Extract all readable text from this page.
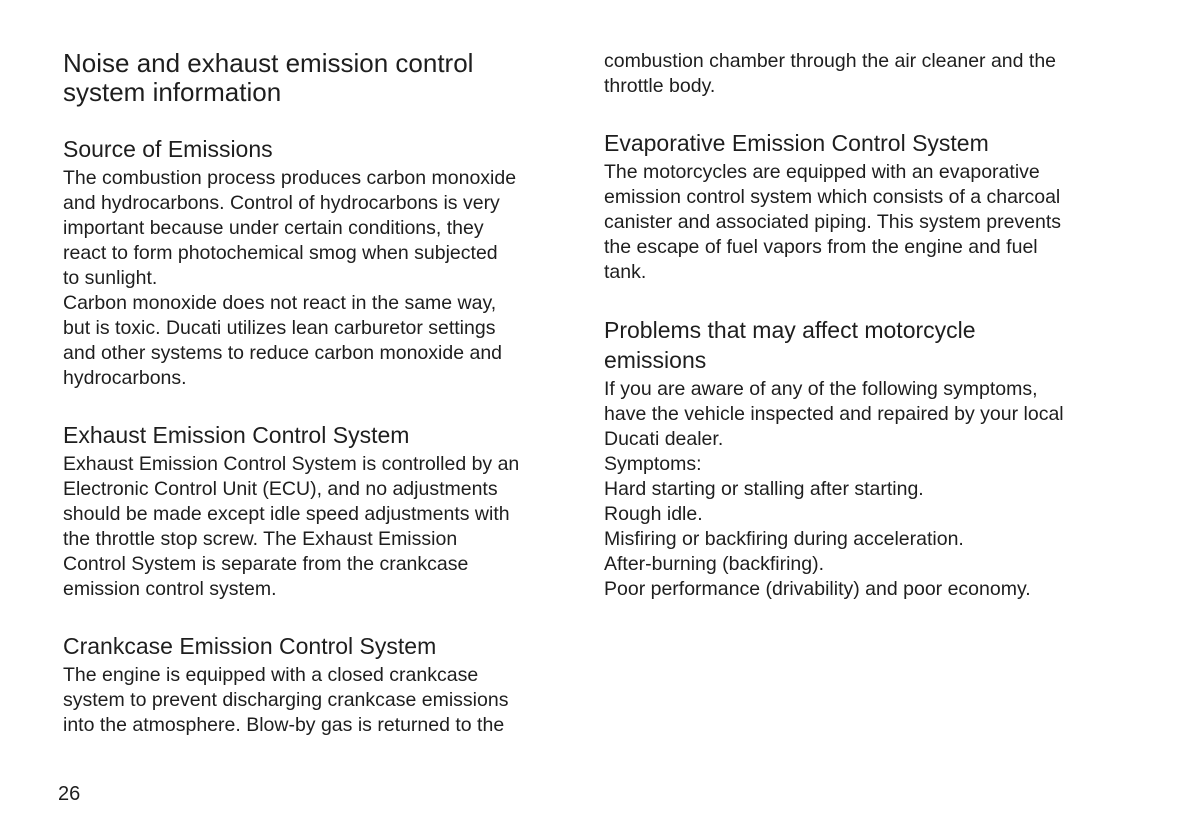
Noise and exhaust emission control
system information
Source of Emissions

The combustion process produces carbon monoxide
and hydrocarbons. Control of hydrocarbons is very
important because under certain conditions, they
react to form photochemical smog when subjected
to sunlight.
Carbon monoxide does not react in the same way,
but is toxic. Ducati utilizes lean carburetor settings
and other systems to reduce carbon monoxide and
hydrocarbons.

Exhaust Emission Control System

Exhaust Emission Control System is controlled by an
Electronic Control Unit (ECU), and no adjustments
should be made except idle speed adjustments with
the throttle stop screw. The Exhaust Emission
Control System is separate from the crankcase
emission control system.

Crankcase Emission Control System

The engine is equipped with a closed crankcase
system to prevent discharging crankcase emissions
into the atmosphere. Blow-by gas is returned to the

combustion chamber through the air cleaner and the
throttle body.

Evaporative Emission Control System

The motorcycles are equipped with an evaporative
emission control system which consists of a charcoal
canister and associated piping. This system prevents
the escape of fuel vapors from the engine and fuel
tank.

Problems that may affect motorcycle
emissions

If you are aware of any of the following symptoms,
have the vehicle inspected and repaired by your local
Ducati dealer.
Symptoms:
Hard starting or stalling after starting.
Rough idle.
Misfiring or backfiring during acceleration.
After-burning (backfiring).
Poor performance (drivability) and poor economy.

26
